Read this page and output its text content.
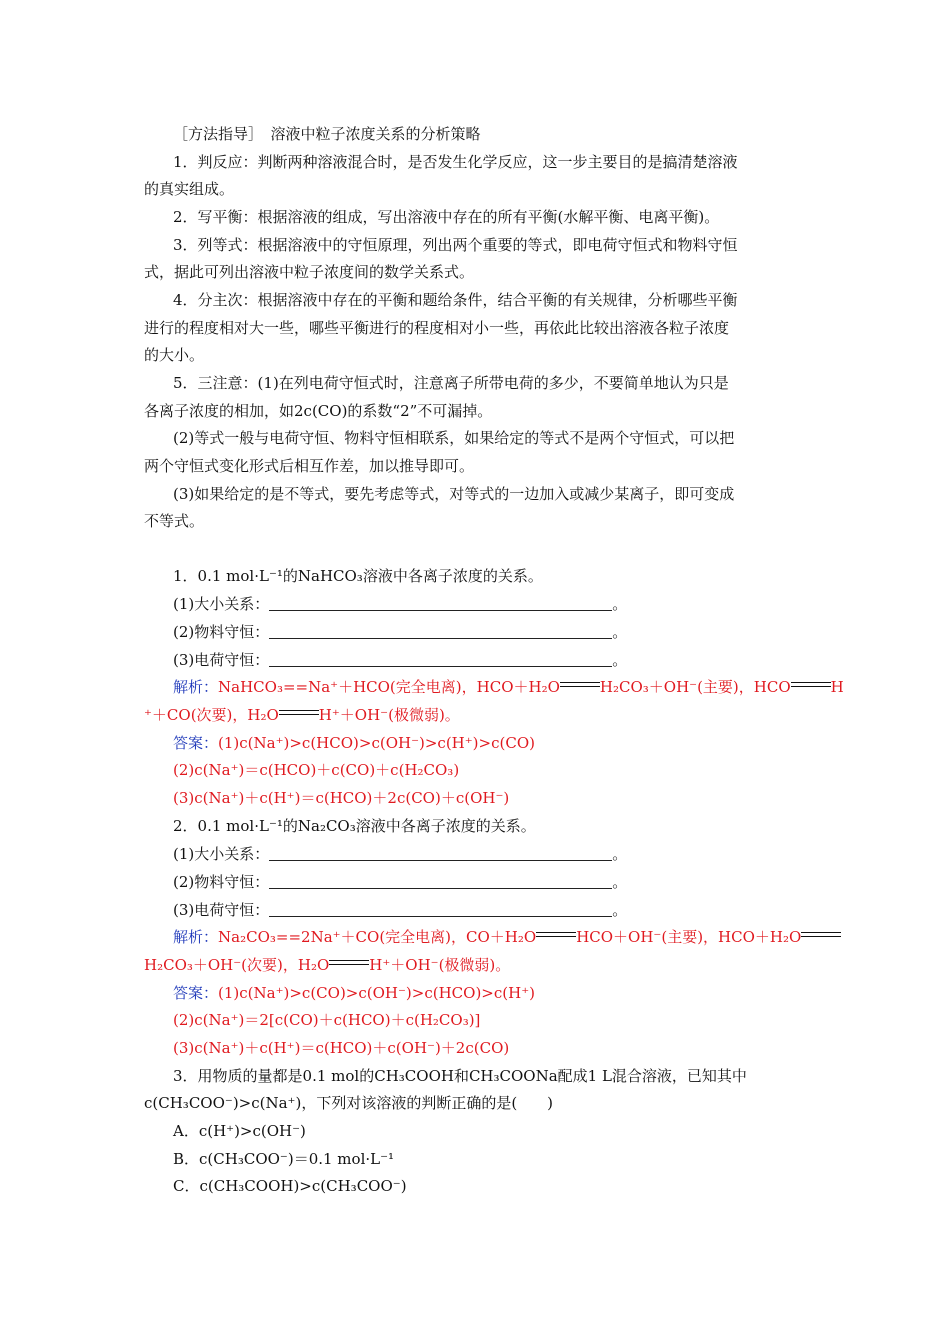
［方法指导］　溶液中粒子浓度关系的分析策略
1．判反应：判断两种溶液混合时，是否发生化学反应，这一步主要目的是搞清楚溶液
的真实组成。
2．写平衡：根据溶液的组成，写出溶液中存在的所有平衡(水解平衡、电离平衡)。
3．列等式：根据溶液中的守恒原理，列出两个重要的等式，即电荷守恒式和物料守恒
式，据此可列出溶液中粒子浓度间的数学关系式。
4．分主次：根据溶液中存在的平衡和题给条件，结合平衡的有关规律，分析哪些平衡
进行的程度相对大一些，哪些平衡进行的程度相对小一些，再依此比较出溶液各粒子浓度
的大小。
5．三注意：(1)在列电荷守恒式时，注意离子所带电荷的多少，不要简单地认为只是
各离子浓度的相加，如2c(CO)的系数“2”不可漏掉。
(2)等式一般与电荷守恒、物料守恒相联系，如果给定的等式不是两个守恒式，可以把
两个守恒式变化形式后相互作差，加以推导即可。
(3)如果给定的是不等式，要先考虑等式，对等式的一边加入或减少某离子，即可变成
不等式。
1．0.1 mol·L⁻¹的NaHCO₃溶液中各离子浓度的关系。
(1)大小关系：	。
(2)物料守恒：	。
(3)电荷守恒：	。
解析：NaHCO₃==Na⁺＋HCO(完全电离)，HCO＋H₂O	H₂CO₃＋OH⁻(主要)，HCO	H
⁺＋CO(次要)，H₂O	H⁺＋OH⁻(极微弱)。
答案：(1)c(Na⁺)>c(HCO)>c(OH⁻)>c(H⁺)>c(CO)
(2)c(Na⁺)＝c(HCO)＋c(CO)＋c(H₂CO₃)
(3)c(Na⁺)＋c(H⁺)＝c(HCO)＋2c(CO)＋c(OH⁻)
2．0.1 mol·L⁻¹的Na₂CO₃溶液中各离子浓度的关系。
(1)大小关系：	。
(2)物料守恒：	。
(3)电荷守恒：	。
解析：Na₂CO₃==2Na⁺＋CO(完全电离)，CO＋H₂O	HCO＋OH⁻(主要)，HCO＋H₂O
H₂CO₃＋OH⁻(次要)，H₂O	H⁺＋OH⁻(极微弱)。
答案：(1)c(Na⁺)>c(CO)>c(OH⁻)>c(HCO)>c(H⁺)
(2)c(Na⁺)＝2[c(CO)＋c(HCO)＋c(H₂CO₃)]
(3)c(Na⁺)＋c(H⁺)＝c(HCO)＋c(OH⁻)＋2c(CO)
3．用物质的量都是0.1 mol的CH₃COOH和CH₃COONa配成1 L混合溶液，已知其中
c(CH₃COO⁻)>c(Na⁺)，下列对该溶液的判断正确的是(　　)
A．c(H⁺)>c(OH⁻)
B．c(CH₃COO⁻)＝0.1 mol·L⁻¹
C．c(CH₃COOH)>c(CH₃COO⁻)
